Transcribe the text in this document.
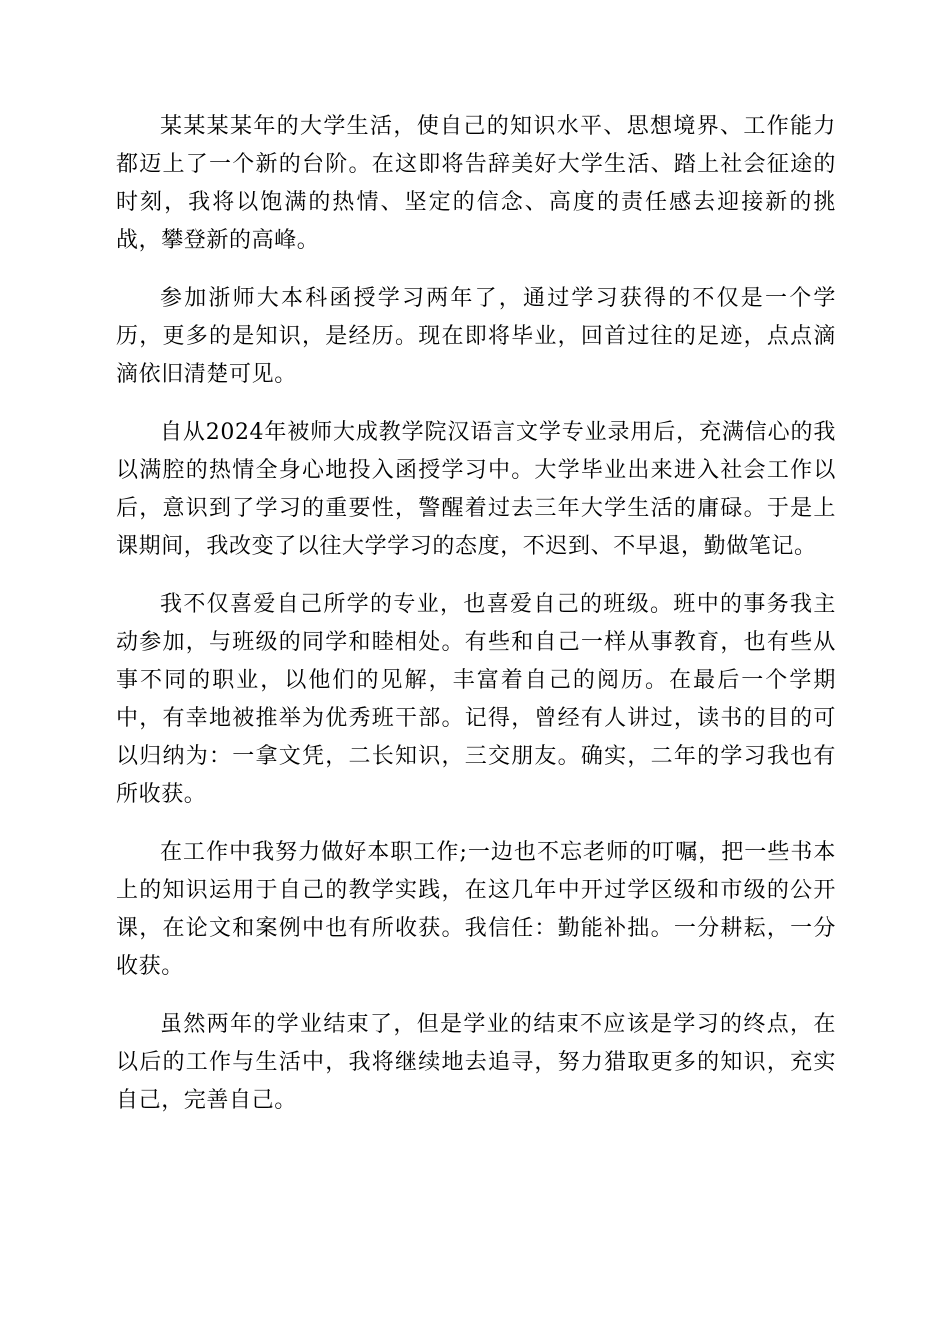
某某某某年的大学生活，使自己的知识水平、思想境界、工作能力都迈上了一个新的台阶。在这即将告辞美好大学生活、踏上社会征途的时刻，我将以饱满的热情、坚定的信念、高度的责任感去迎接新的挑战，攀登新的高峰。

参加浙师大本科函授学习两年了，通过学习获得的不仅是一个学历，更多的是知识，是经历。现在即将毕业，回首过往的足迹，点点滴滴依旧清楚可见。

自从2024年被师大成教学院汉语言文学专业录用后，充满信心的我以满腔的热情全身心地投入函授学习中。大学毕业出来进入社会工作以后，意识到了学习的重要性，警醒着过去三年大学生活的庸碌。于是上课期间，我改变了以往大学学习的态度，不迟到、不早退，勤做笔记。

我不仅喜爱自己所学的专业，也喜爱自己的班级。班中的事务我主动参加，与班级的同学和睦相处。有些和自己一样从事教育，也有些从事不同的职业，以他们的见解，丰富着自己的阅历。在最后一个学期中，有幸地被推举为优秀班干部。记得，曾经有人讲过，读书的目的可以归纳为：一拿文凭，二长知识，三交朋友。确实，二年的学习我也有所收获。

在工作中我努力做好本职工作;一边也不忘老师的叮嘱，把一些书本上的知识运用于自己的教学实践，在这几年中开过学区级和市级的公开课，在论文和案例中也有所收获。我信任：勤能补拙。一分耕耘，一分收获。

虽然两年的学业结束了，但是学业的结束不应该是学习的终点，在以后的工作与生活中，我将继续地去追寻，努力猎取更多的知识，充实自己，完善自己。
